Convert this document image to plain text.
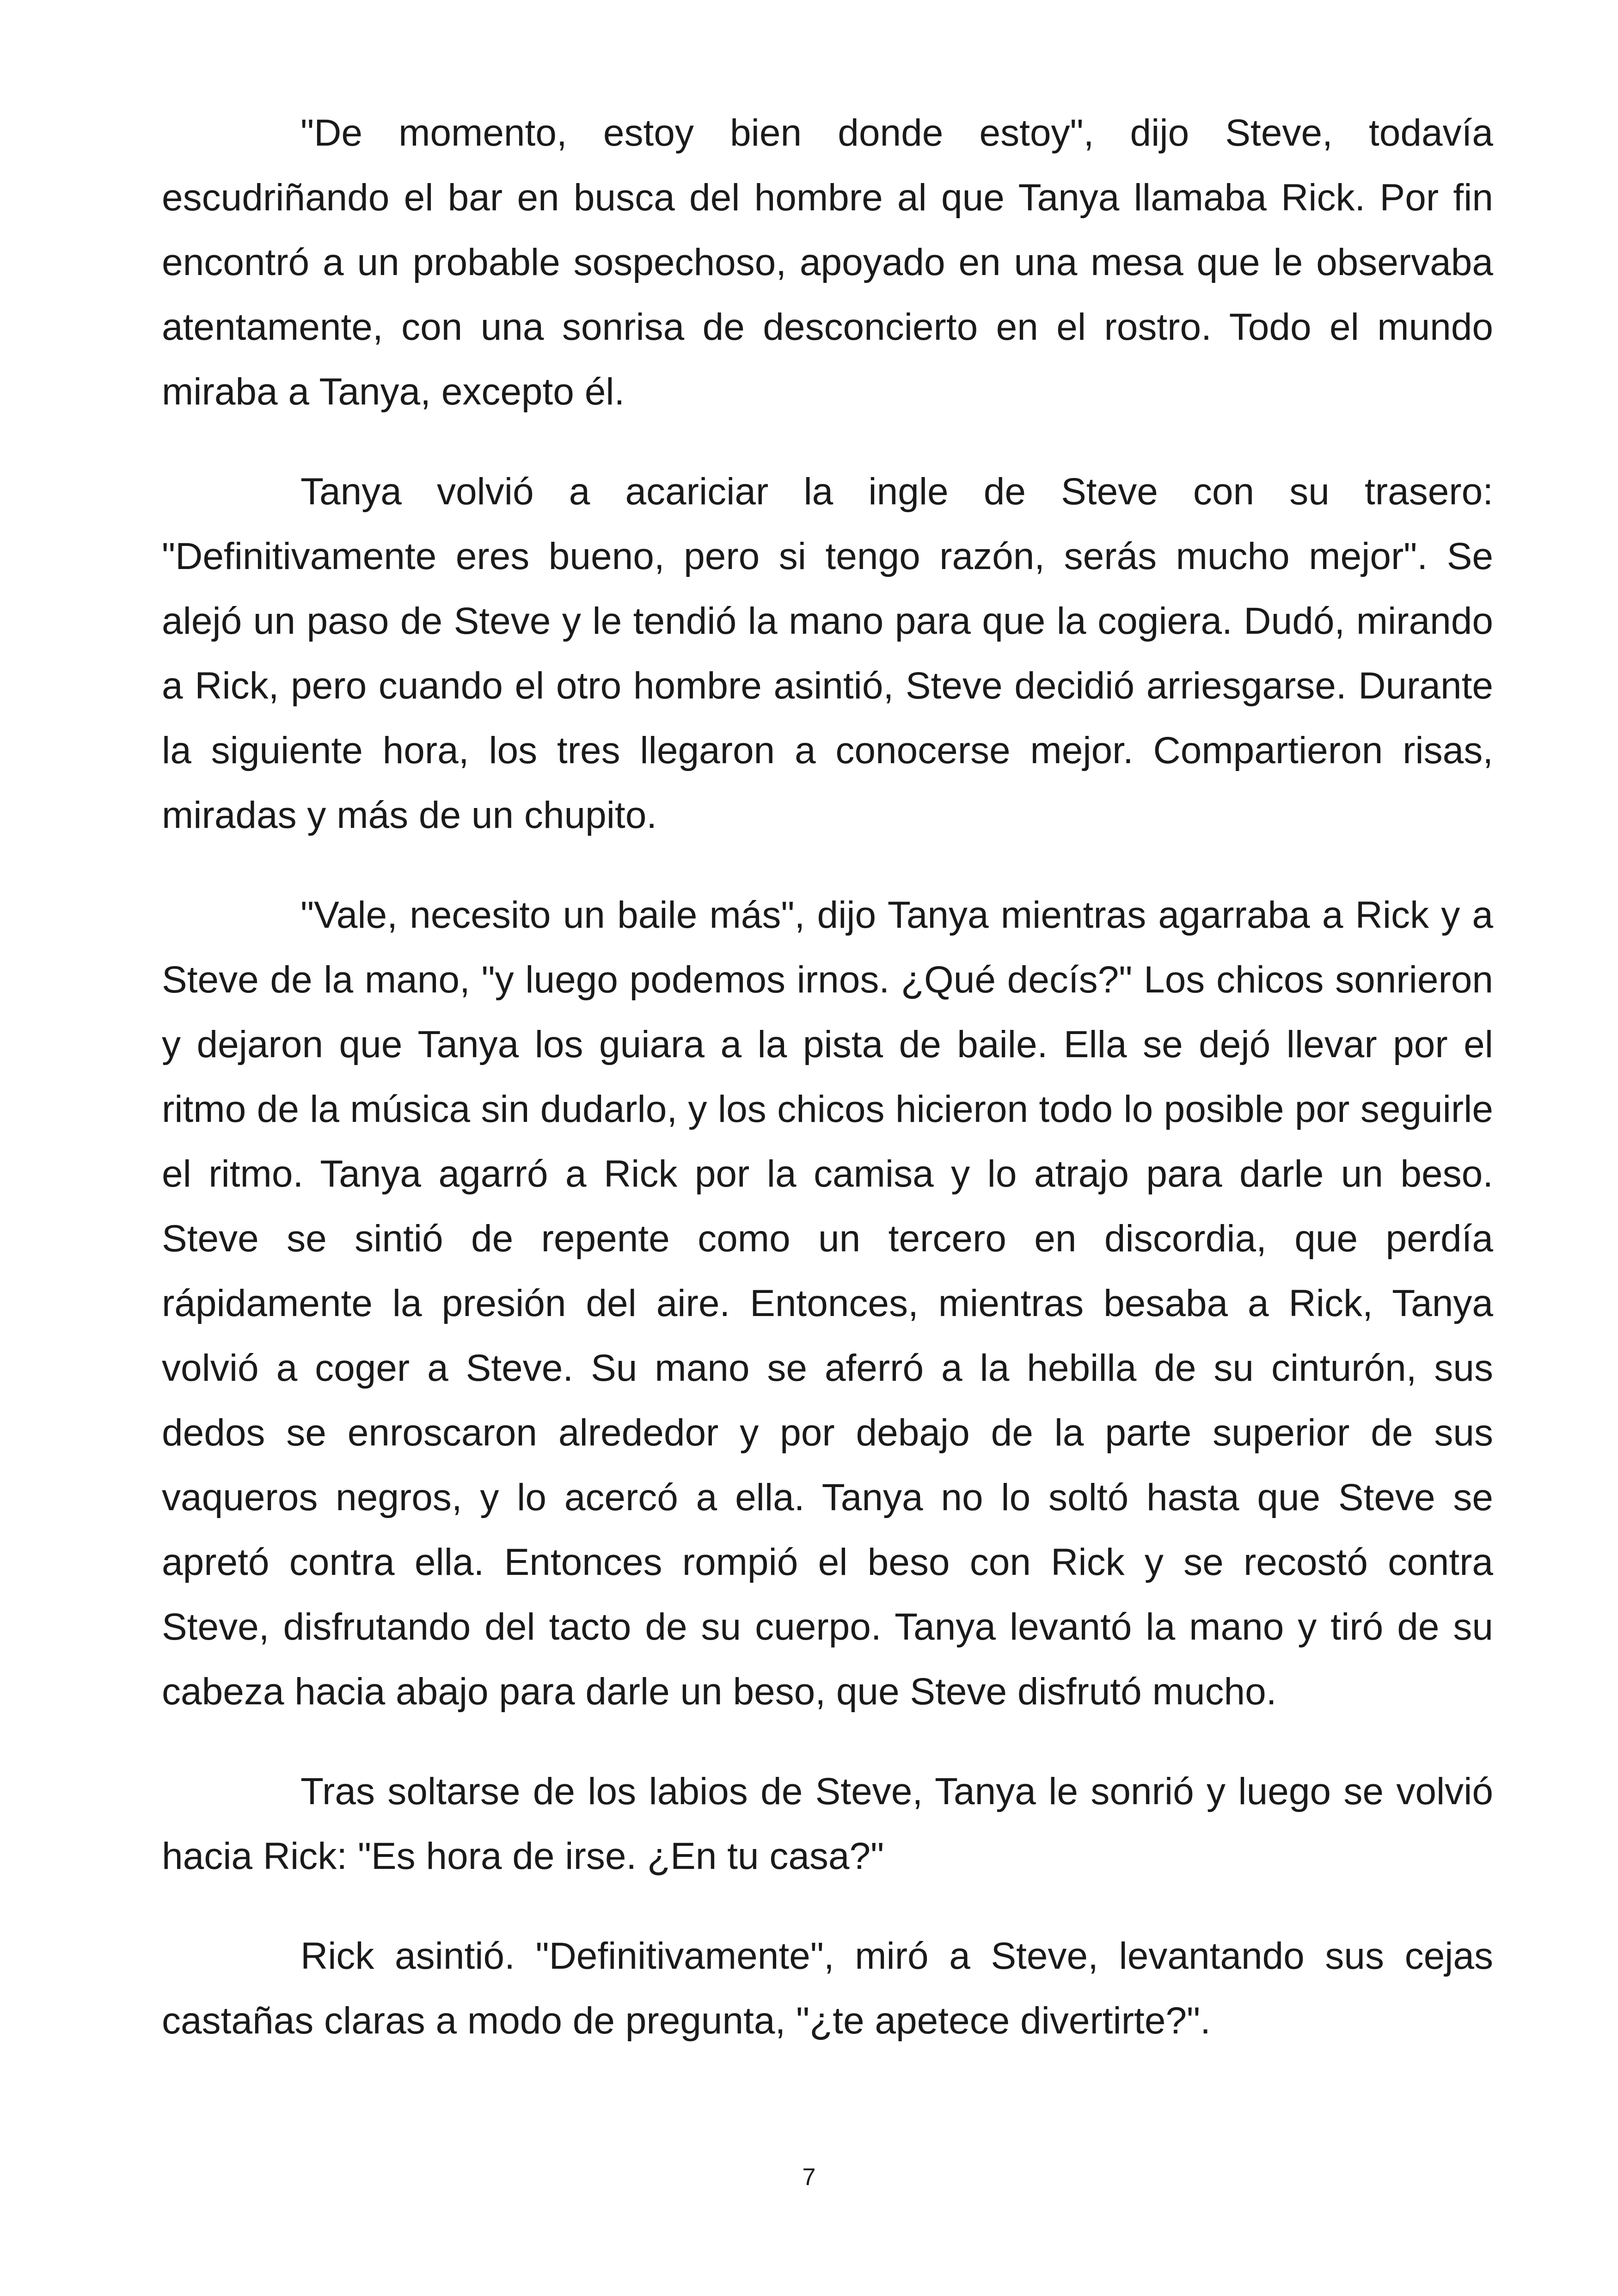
"De momento, estoy bien donde estoy", dijo Steve, todavía escudriñando el bar en busca del hombre al que Tanya llamaba Rick. Por fin encontró a un probable sospechoso, apoyado en una mesa que le observaba atentamente, con una sonrisa de desconcierto en el rostro. Todo el mundo miraba a Tanya, excepto él.

Tanya volvió a acariciar la ingle de Steve con su trasero: "Definitivamente eres bueno, pero si tengo razón, serás mucho mejor". Se alejó un paso de Steve y le tendió la mano para que la cogiera. Dudó, mirando a Rick, pero cuando el otro hombre asintió, Steve decidió arriesgarse. Durante la siguiente hora, los tres llegaron a conocerse mejor. Compartieron risas, miradas y más de un chupito.

"Vale, necesito un baile más", dijo Tanya mientras agarraba a Rick y a Steve de la mano, "y luego podemos irnos. ¿Qué decís?" Los chicos sonrieron y dejaron que Tanya los guiara a la pista de baile. Ella se dejó llevar por el ritmo de la música sin dudarlo, y los chicos hicieron todo lo posible por seguirle el ritmo. Tanya agarró a Rick por la camisa y lo atrajo para darle un beso. Steve se sintió de repente como un tercero en discordia, que perdía rápidamente la presión del aire. Entonces, mientras besaba a Rick, Tanya volvió a coger a Steve. Su mano se aferró a la hebilla de su cinturón, sus dedos se enroscaron alrededor y por debajo de la parte superior de sus vaqueros negros, y lo acercó a ella. Tanya no lo soltó hasta que Steve se apretó contra ella. Entonces rompió el beso con Rick y se recostó contra Steve, disfrutando del tacto de su cuerpo. Tanya levantó la mano y tiró de su cabeza hacia abajo para darle un beso, que Steve disfrutó mucho.

Tras soltarse de los labios de Steve, Tanya le sonrió y luego se volvió hacia Rick: "Es hora de irse. ¿En tu casa?"

Rick asintió. "Definitivamente", miró a Steve, levantando sus cejas castañas claras a modo de pregunta, "¿te apetece divertirte?".

7
